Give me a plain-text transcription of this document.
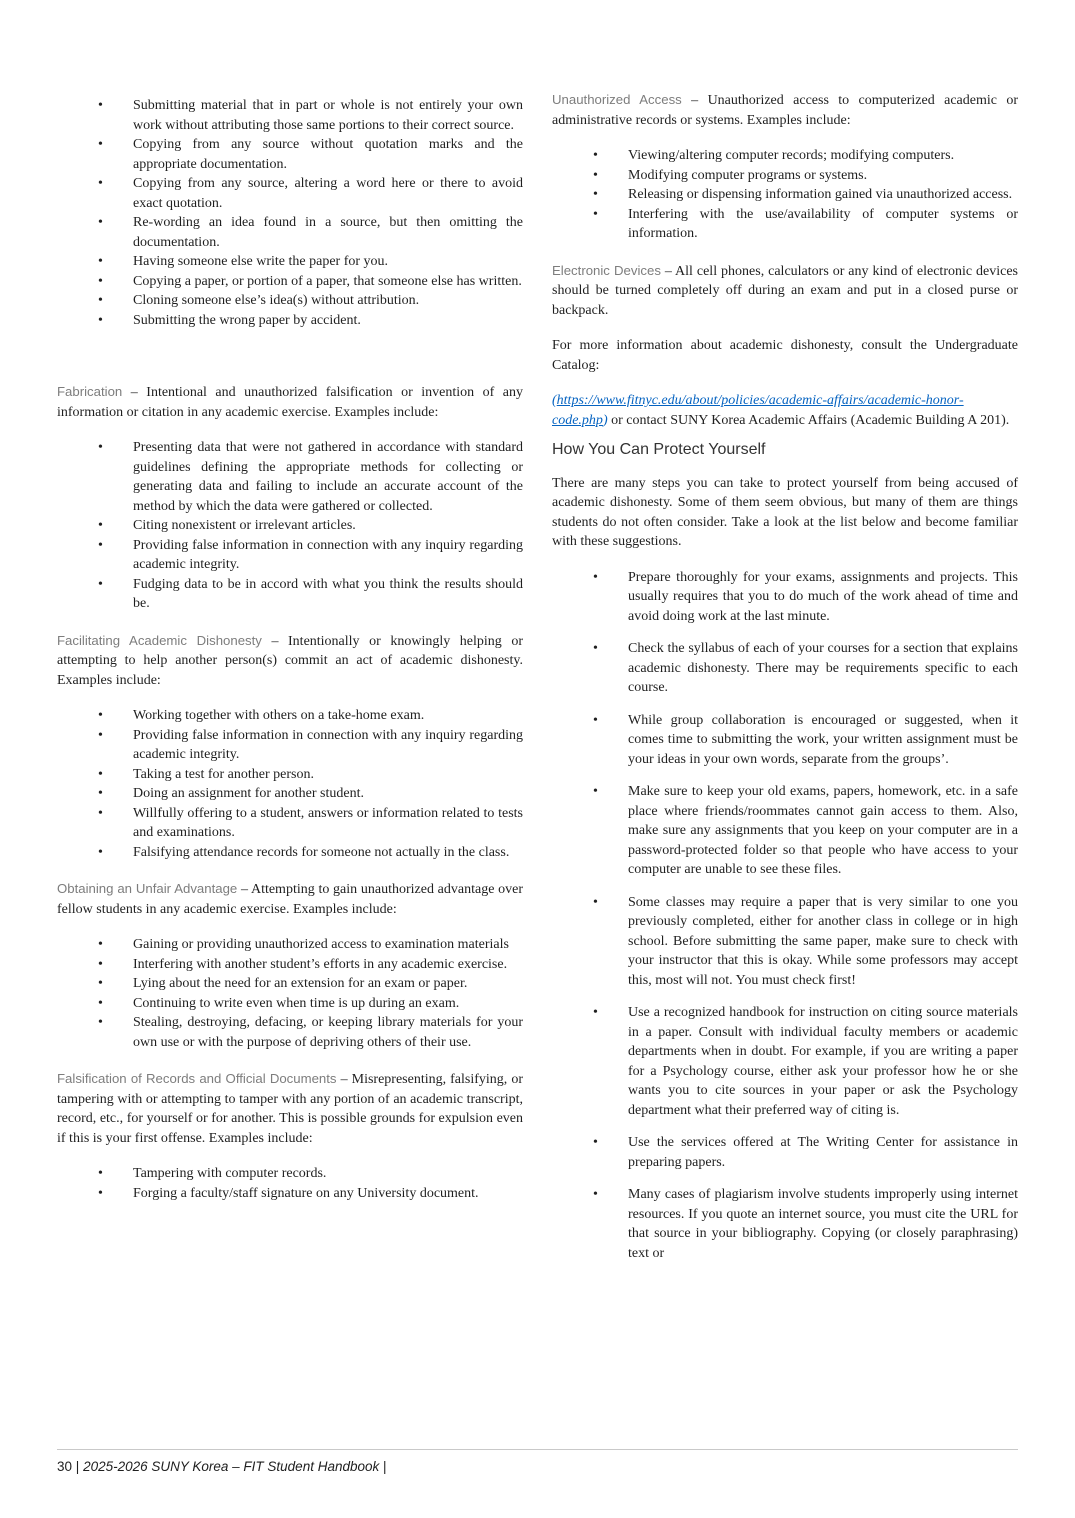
• Submitting material that in part or whole is not entirely your own work without attributing those same portions to their correct source.
• Copying from any source without quotation marks and the appropriate documentation.
• Copying from any source, altering a word here or there to avoid exact quotation.
• Re-wording an idea found in a source, but then omitting the documentation.
• Having someone else write the paper for you.
• Copying a paper, or portion of a paper, that someone else has written.
• Cloning someone else’s idea(s) without attribution.
• Submitting the wrong paper by accident.

Fabrication – Intentional and unauthorized falsification or invention of any information or citation in any academic exercise. Examples include:

• Presenting data that were not gathered in accordance with standard guidelines defining the appropriate methods for collecting or generating data and failing to include an accurate account of the method by which the data were gathered or collected.
• Citing nonexistent or irrelevant articles.
• Providing false information in connection with any inquiry regarding academic integrity.
• Fudging data to be in accord with what you think the results should be.

Facilitating Academic Dishonesty – Intentionally or knowingly helping or attempting to help another person(s) commit an act of academic dishonesty. Examples include:

• Working together with others on a take-home exam.
• Providing false information in connection with any inquiry regarding academic integrity.
• Taking a test for another person.
• Doing an assignment for another student.
• Willfully offering to a student, answers or information related to tests and examinations.
• Falsifying attendance records for someone not actually in the class.

Obtaining an Unfair Advantage – Attempting to gain unauthorized advantage over fellow students in any academic exercise. Examples include:

• Gaining or providing unauthorized access to examination materials
• Interfering with another student’s efforts in any academic exercise.
• Lying about the need for an extension for an exam or paper.
• Continuing to write even when time is up during an exam.
• Stealing, destroying, defacing, or keeping library materials for your own use or with the purpose of depriving others of their use.

Falsification of Records and Official Documents – Misrepresenting, falsifying, or tampering with or attempting to tamper with any portion of an academic transcript, record, etc., for yourself or for another. This is possible grounds for expulsion even if this is your first offense. Examples include:

• Tampering with computer records.
• Forging a faculty/staff signature on any University document.

Unauthorized Access – Unauthorized access to computerized academic or administrative records or systems. Examples include:

• Viewing/altering computer records; modifying computers.
• Modifying computer programs or systems.
• Releasing or dispensing information gained via unauthorized access.
• Interfering with the use/availability of computer systems or information.

Electronic Devices – All cell phones, calculators or any kind of electronic devices should be turned completely off during an exam and put in a closed purse or backpack.

For more information about academic dishonesty, consult the Undergraduate Catalog:

(https://www.fitnyc.edu/about/policies/academic-affairs/academic-honor-code.php) or contact SUNY Korea Academic Affairs (Academic Building A 201).

How You Can Protect Yourself

There are many steps you can take to protect yourself from being accused of academic dishonesty. Some of them seem obvious, but many of them are things students do not often consider. Take a look at the list below and become familiar with these suggestions.

• Prepare thoroughly for your exams, assignments and projects. This usually requires that you to do much of the work ahead of time and avoid doing work at the last minute.
• Check the syllabus of each of your courses for a section that explains academic dishonesty. There may be requirements specific to each course.
• While group collaboration is encouraged or suggested, when it comes time to submitting the work, your written assignment must be your ideas in your own words, separate from the groups’.
• Make sure to keep your old exams, papers, homework, etc. in a safe place where friends/roommates cannot gain access to them. Also, make sure any assignments that you keep on your computer are in a password-protected folder so that people who have access to your computer are unable to see these files.
• Some classes may require a paper that is very similar to one you previously completed, either for another class in college or in high school. Before submitting the same paper, make sure to check with your instructor that this is okay. While some professors may accept this, most will not. You must check first!
• Use a recognized handbook for instruction on citing source materials in a paper. Consult with individual faculty members or academic departments when in doubt. For example, if you are writing a paper for a Psychology course, either ask your professor how he or she wants you to cite sources in your paper or ask the Psychology department what their preferred way of citing is.
• Use the services offered at The Writing Center for assistance in preparing papers.
• Many cases of plagiarism involve students improperly using internet resources. If you quote an internet source, you must cite the URL for that source in your bibliography. Copying (or closely paraphrasing) text or
30 | 2025-2026 SUNY Korea – FIT Student Handbook |
